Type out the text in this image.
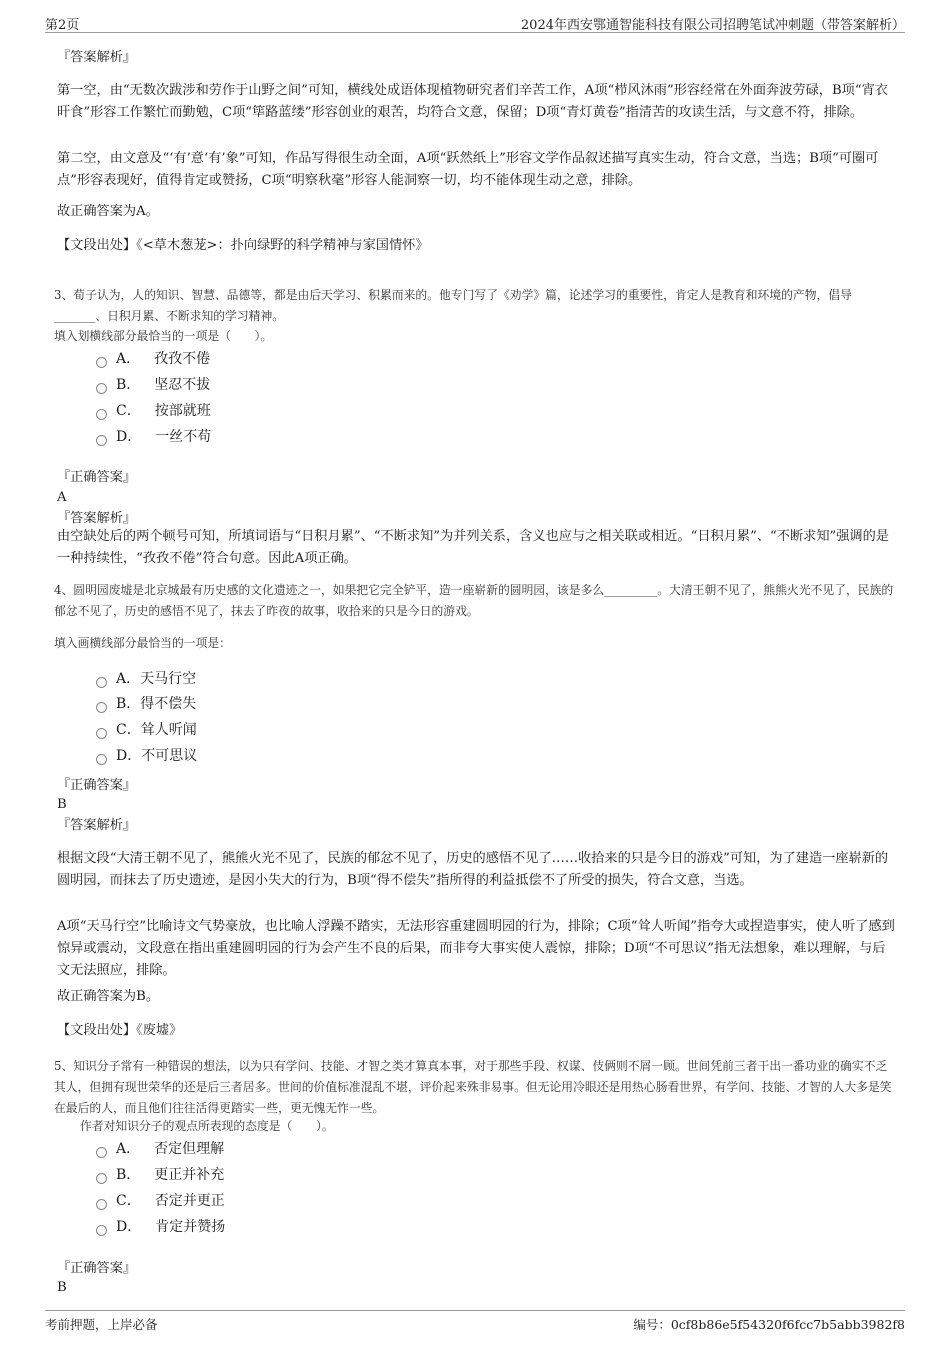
第2页	2024年西安鄂通智能科技有限公司招聘笔试冲刺题（带答案解析）
『答案解析』
第一空，由“无数次跋涉和劳作于山野之间”可知，横线处成语体现植物研究者们辛苦工作，A项“栉风沐雨”形容经常在外面奔波劳碌，B项“宵衣旰食”形容工作繁忙而勤勉，C项“筚路蓝缕”形容创业的艰苦，均符合文意，保留；D项“青灯黄卷”指清苦的攻读生活，与文意不符，排除。
第二空，由文意及“‘有’意‘有’象”可知，作品写得很生动全面，A项“跃然纸上”形容文学作品叙述描写真实生动，符合文意，当选；B项“可圈可点”形容表现好，值得肯定或赞扬，C项“明察秋毫”形容人能洞察一切，均不能体现生动之意，排除。
故正确答案为A。
【文段出处】《<草木葱茏>：扑向绿野的科学精神与家国情怀》
3、荀子认为，人的知识、智慧、品德等，都是由后天学习、积累而来的。他专门写了《劝学》篇，论述学习的重要性，肯定人是教育和环境的产物，倡导_______、日积月累、不断求知的学习精神。
填入划横线部分最恰当的一项是（　　）。
A． 孜孜不倦
B． 坚忍不拔
C． 按部就班
D． 一丝不苟
『正确答案』
A
『答案解析』
由空缺处后的两个顿号可知，所填词语与“日积月累”、“不断求知”为并列关系，含义也应与之相关联或相近。“日积月累”、“不断求知”强调的是一种持续性，“孜孜不倦”符合句意。因此A项正确。
4、圆明园废墟是北京城最有历史感的文化遗迹之一，如果把它完全铲平，造一座崭新的圆明园，该是多么_________。大清王朝不见了，熊熊火光不见了，民族的郁忿不见了，历史的感悟不见了，抹去了昨夜的故事，收拾来的只是今日的游戏。
填入画横线部分最恰当的一项是：
A． 天马行空
B． 得不偿失
C． 耸人听闻
D． 不可思议
『正确答案』
B
『答案解析』
根据文段“大清王朝不见了，熊熊火光不见了，民族的郁忿不见了，历史的感悟不见了……收拾来的只是今日的游戏”可知，为了建造一座崭新的圆明园，而抹去了历史遗迹，是因小失大的行为，B项“得不偿失”指所得的利益抵偿不了所受的损失，符合文意，当选。
A项“天马行空”比喻诗文气势豪放，也比喻人浮躁不踏实，无法形容重建圆明园的行为，排除；C项“耸人听闻”指夸大或捏造事实，使人听了感到惊异或震动，文段意在指出重建圆明园的行为会产生不良的后果，而非夸大事实使人震惊，排除；D项“不可思议”指无法想象，难以理解，与后文无法照应，排除。
故正确答案为B。
【文段出处】《废墟》
5、知识分子常有一种错误的想法，以为只有学问、技能、才智之类才算真本事，对于那些手段、权谋、伎俩则不屑一顾。世间凭前三者干出一番功业的确实不乏其人，但拥有现世荣华的还是后三者居多。世间的价值标准混乱不堪，评价起来殊非易事。但无论用冷眼还是用热心肠看世界，有学问、技能、才智的人大多是笑在最后的人，而且他们往往活得更踏实一些，更无愧无怍一些。
作者对知识分子的观点所表现的态度是（　　）。
A． 否定但理解
B． 更正并补充
C． 否定并更正
D． 肯定并赞扬
『正确答案』
B
考前押题，上岸必备	编号：0cf8b86e5f54320f6fcc7b5abb3982f8
